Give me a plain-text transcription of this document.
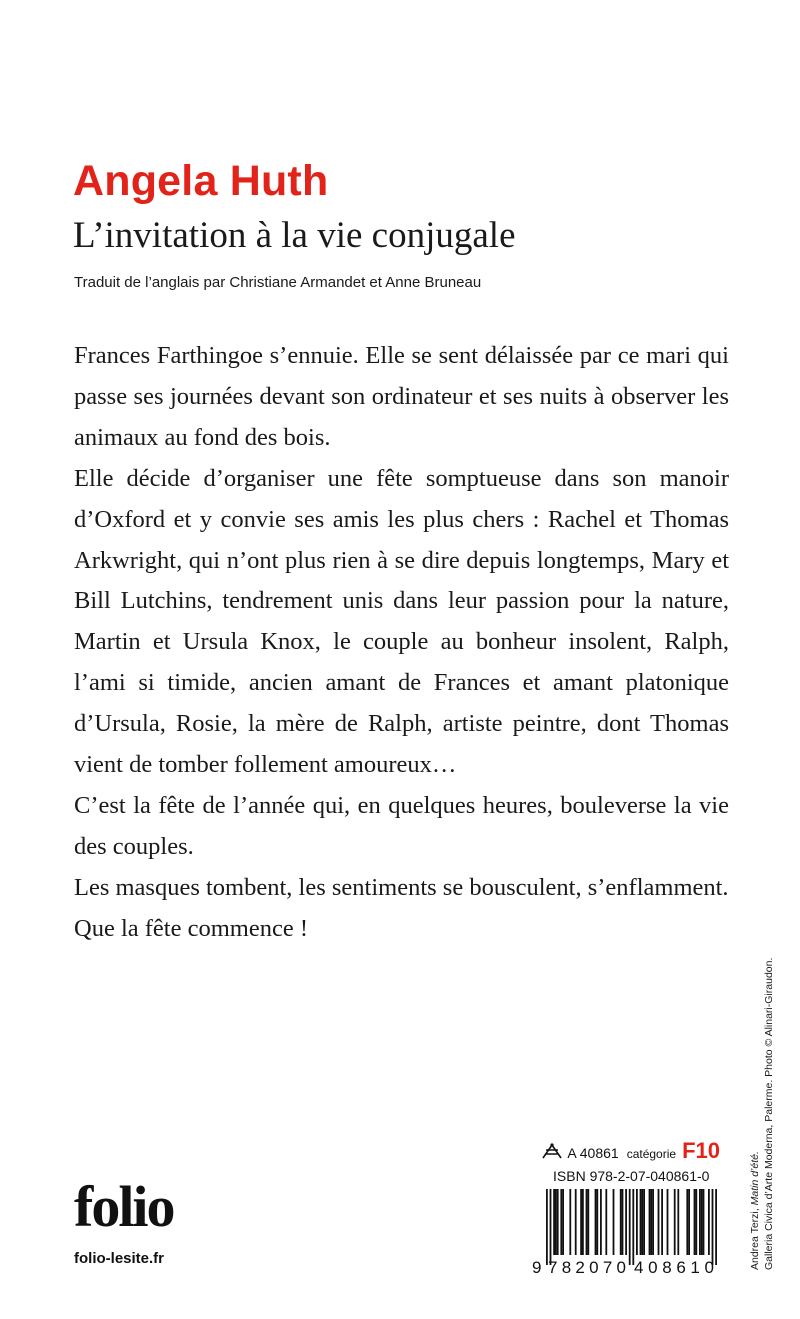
Angela Huth
L’invitation à la vie conjugale
Traduit de l’anglais par Christiane Armandet et Anne Bruneau

Frances Farthingoe s’ennuie. Elle se sent délaissée par ce mari qui passe ses journées devant son ordinateur et ses nuits à observer les animaux au fond des bois.

Elle décide d’organiser une fête somptueuse dans son manoir d’Oxford et y convie ses amis les plus chers : Rachel et Thomas Arkwright, qui n’ont plus rien à se dire depuis longtemps, Mary et Bill Lutchins, tendrement unis dans leur passion pour la nature, Martin et Ursula Knox, le couple au bonheur insolent, Ralph, l’ami si timide, ancien amant de Frances et amant platonique d’Ursula, Rosie, la mère de Ralph, artiste peintre, dont Thomas vient de tomber follement amoureux…

C’est la fête de l’année qui, en quelques heures, bouleverse la vie des couples.

Les masques tombent, les sentiments se bousculent, s’enflamment.

Que la fête commence !

Andrea Terzi, Matin d’été. Galleria Civica d’Arte Moderna, Palerme. Photo © Alinari-Giraudon.
folio
folio-lesite.fr
A 40861 catégorie F10
ISBN 978-2-07-040861-0
9 782070 408610
